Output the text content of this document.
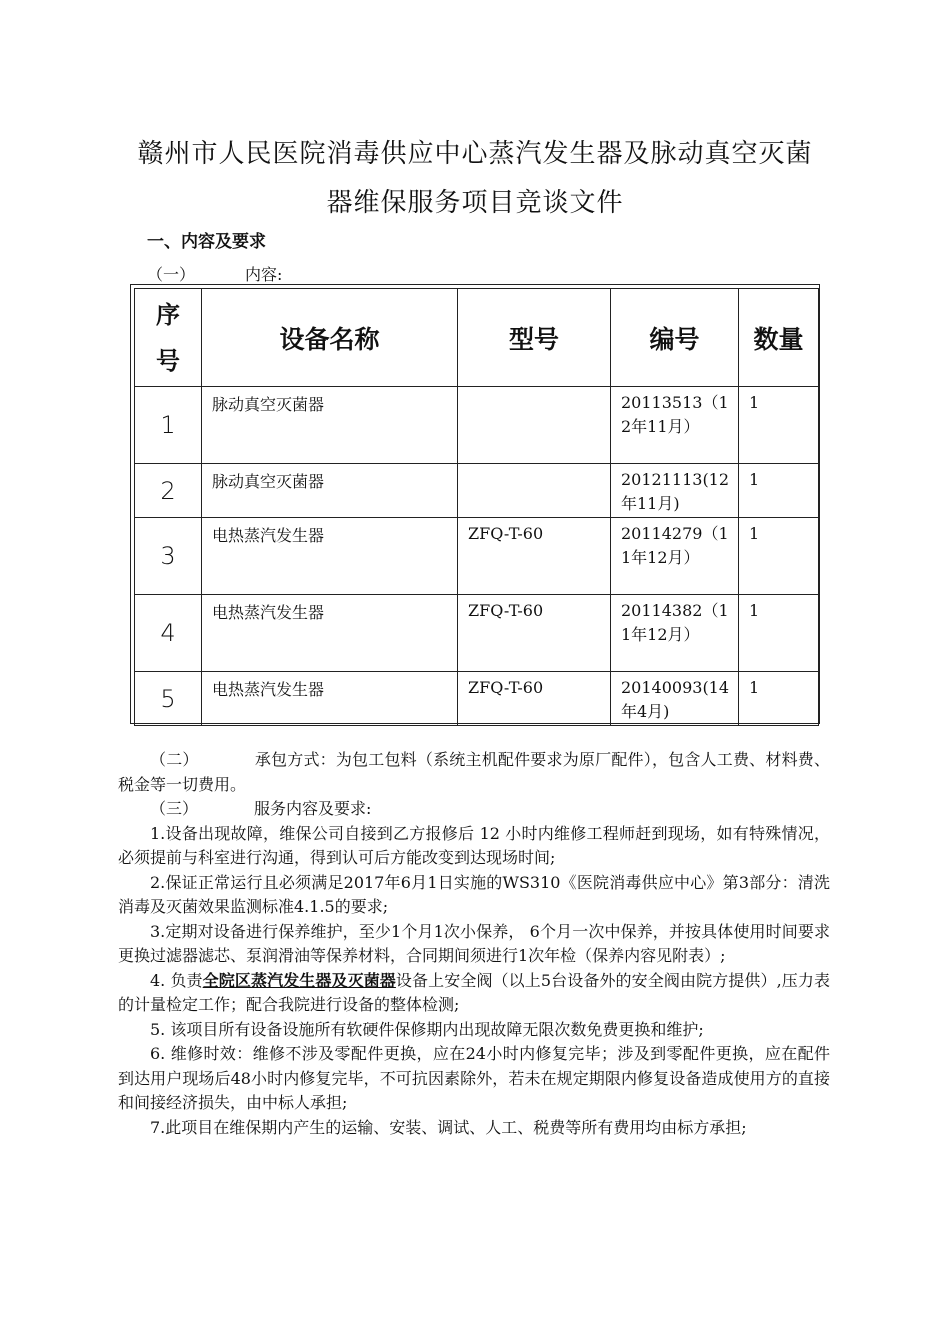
赣州市人民医院消毒供应中心蒸汽发生器及脉动真空灭菌
器维保服务项目竞谈文件
一、内容及要求
（一）	内容:
序
号	设备名称	型号	编号	数量
1	脉动真空灭菌器		20113513（12年11月）	1
2	脉动真空灭菌器		20121113(12年11月)	1
3	电热蒸汽发生器	ZFQ-T-60	20114279（11年12月）	1
4	电热蒸汽发生器	ZFQ-T-60	20114382（11年12月）	1
5	电热蒸汽发生器	ZFQ-T-60	20140093(14年4月)	1

（二）	承包方式：为包工包料（系统主机配件要求为原厂配件），包含人工费、材料费、税金等一切费用。

（三）	服务内容及要求:

1.设备出现故障，维保公司自接到乙方报修后 12 小时内维修工程师赶到现场，如有特殊情况，必须提前与科室进行沟通，得到认可后方能改变到达现场时间;

2.保证正常运行且必须满足2017年6月1日实施的WS310《医院消毒供应中心》第3部分：清洗消毒及灭菌效果监测标准4.1.5的要求;

3.定期对设备进行保养维护，至少1个月1次小保养， 6个月一次中保养，并按具体使用时间要求更换过滤器滤芯、泵润滑油等保养材料，合同期间须进行1次年检（保养内容见附表）;

4. 负责全院区蒸汽发生器及灭菌器设备上安全阀（以上5台设备外的安全阀由院方提供）,压力表的计量检定工作；配合我院进行设备的整体检测;

5. 该项目所有设备设施所有软硬件保修期内出现故障无限次数免费更换和维护;

6. 维修时效：维修不涉及零配件更换，应在24小时内修复完毕；涉及到零配件更换，应在配件到达用户现场后48小时内修复完毕，不可抗因素除外，若未在规定期限内修复设备造成使用方的直接和间接经济损失，由中标人承担;

7.此项目在维保期内产生的运输、安装、调试、人工、税费等所有费用均由标方承担;
